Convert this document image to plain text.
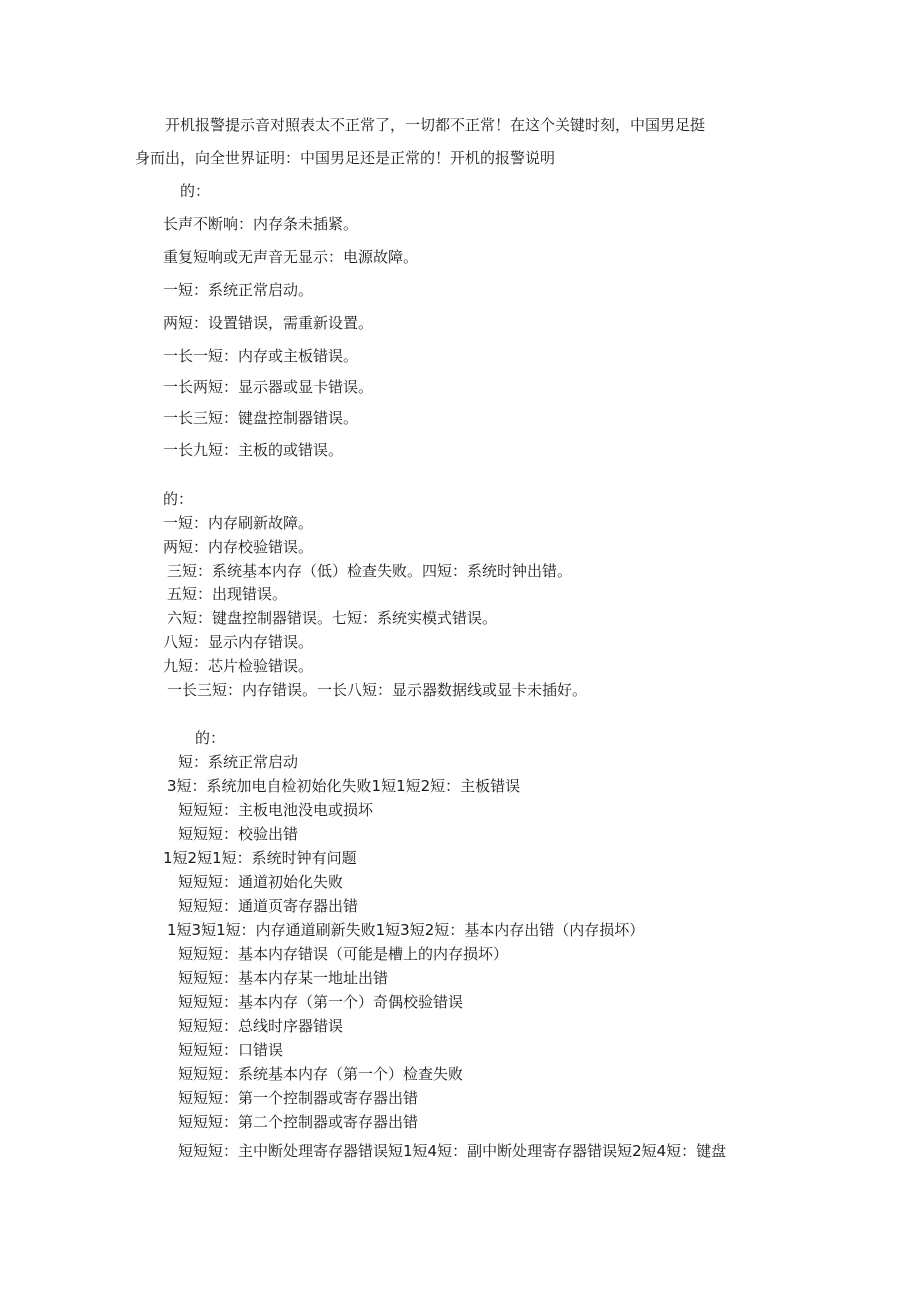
开机报警提示音对照表太不正常了，一切都不正常！在这个关键时刻，中国男足挺
身而出，向全世界证明：中国男足还是正常的！开机的报警说明
的：
长声不断响：内存条未插紧。
重复短响或无声音无显示：电源故障。
一短：系统正常启动。
两短：设置错误，需重新设置。
一长一短：内存或主板错误。
一长两短：显示器或显卡错误。
一长三短：键盘控制器错误。
一长九短：主板的或错误。
的：
一短：内存刷新故障。
两短：内存校验错误。
三短：系统基本内存（低）检查失败。四短：系统时钟出错。
五短：出现错误。
六短：键盘控制器错误。七短：系统实模式错误。
八短：显示内存错误。
九短：芯片检验错误。
一长三短：内存错误。一长八短：显示器数据线或显卡未插好。
的：
短：系统正常启动
3短：系统加电自检初始化失败1短1短2短：主板错误
短短短：主板电池没电或损坏
短短短：校验出错
1短2短1短：系统时钟有问题
短短短：通道初始化失败
短短短：通道页寄存器出错
1短3短1短：内存通道刷新失败1短3短2短：基本内存出错（内存损坏）
短短短：基本内存错误（可能是槽上的内存损坏）
短短短：基本内存某一地址出错
短短短：基本内存（第一个）奇偶校验错误
短短短：总线时序器错误
短短短：口错误
短短短：系统基本内存（第一个）检查失败
短短短：第一个控制器或寄存器出错
短短短：第二个控制器或寄存器出错
短短短：主中断处理寄存器错误短1短4短：副中断处理寄存器错误短2短4短：键盘
